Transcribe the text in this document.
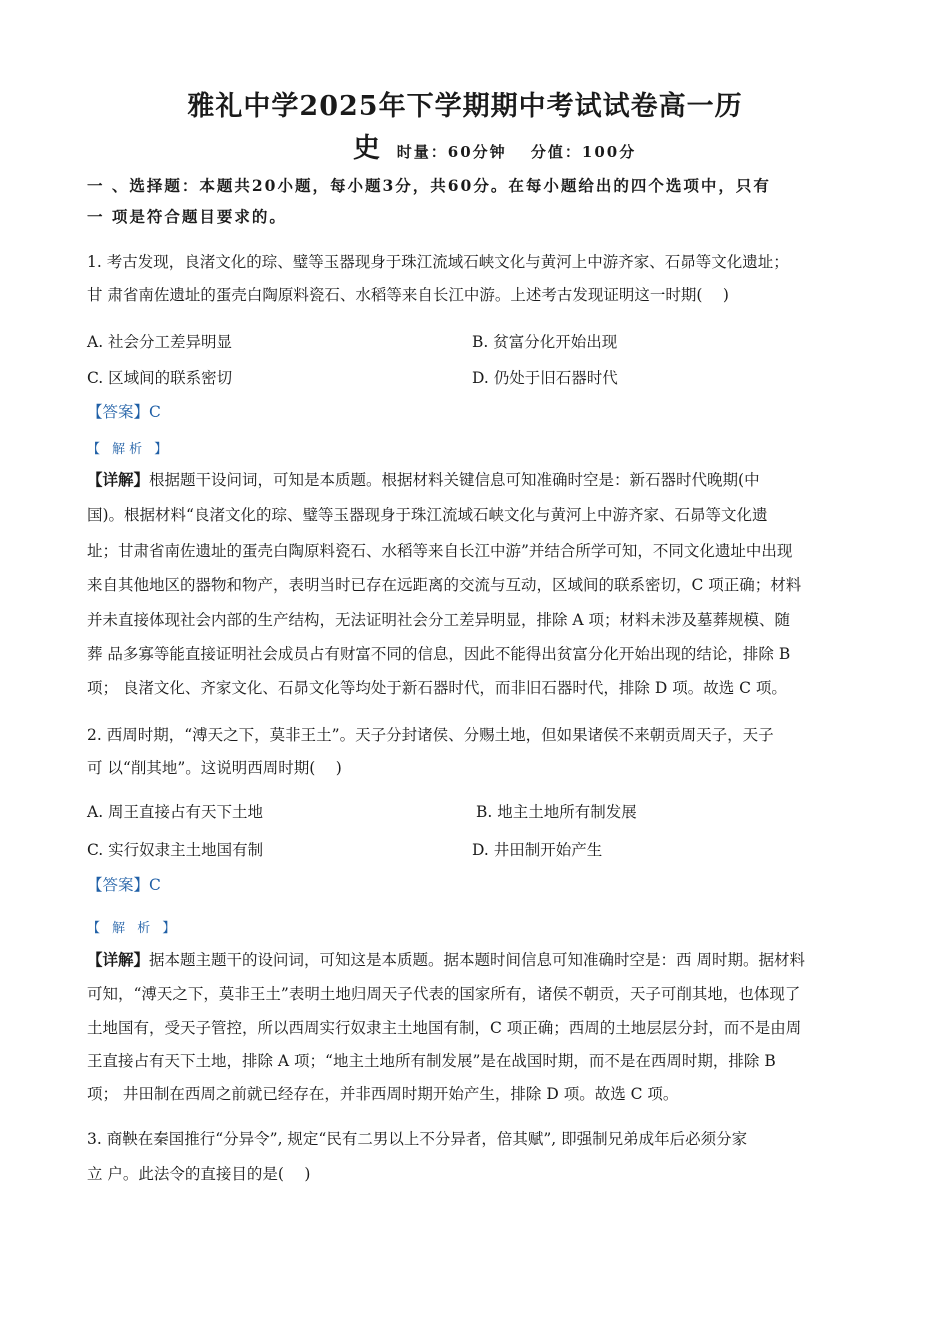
雅礼中学2025年下学期期中考试试卷高一历
史 时量：60分钟　 分值：100分
一 、选择题：本题共20小题，每小题3分，共60分。在每小题给出的四个选项中，只有
一 项是符合题目要求的。
1. 考古发现，良渚文化的琮、璧等玉器现身于珠江流域石峡文化与黄河上中游齐家、石昴等文化遗址；
甘 肃省南佐遗址的蛋壳白陶原料瓷石、水稻等来自长江中游。上述考古发现证明这一时期(　 )
A. 社会分工差异明显	B. 贫富分化开始出现
C. 区域间的联系密切	D. 仍处于旧石器时代
【答案】C
【 解析 】
【详解】根据题干设问词，可知是本质题。根据材料关键信息可知准确时空是：新石器时代晚期(中
国)。根据材料“良渚文化的琮、璧等玉器现身于珠江流域石峡文化与黄河上中游齐家、石昴等文化遗
址；甘肃省南佐遗址的蛋壳白陶原料瓷石、水稻等来自长江中游”并结合所学可知，不同文化遗址中出现
来自其他地区的器物和物产，表明当时已存在远距离的交流与互动，区域间的联系密切，C 项正确；材料
并未直接体现社会内部的生产结构，无法证明社会分工差异明显，排除 A 项；材料未涉及墓葬规模、随
葬 品多寡等能直接证明社会成员占有财富不同的信息，因此不能得出贫富分化开始出现的结论，排除 B
项； 良渚文化、齐家文化、石昴文化等均处于新石器时代，而非旧石器时代，排除 D 项。故选 C 项。
2. 西周时期，“溥天之下，莫非王土”。天子分封诸侯、分赐土地，但如果诸侯不来朝贡周天子，天子
可 以“削其地”。这说明西周时期(　 )
A. 周王直接占有天下土地	B. 地主土地所有制发展
C. 实行奴隶主土地国有制	D. 井田制开始产生
【答案】C
【 解 析 】
【详解】据本题主题干的设问词，可知这是本质题。据本题时间信息可知准确时空是：西 周时期。据材料
可知，“溥天之下，莫非王土”表明土地归周天子代表的国家所有，诸侯不朝贡，天子可削其地，也体现了
土地国有，受天子管控，所以西周实行奴隶主土地国有制，C 项正确；西周的土地层层分封，而不是由周
王直接占有天下土地，排除 A 项；“地主土地所有制发展”是在战国时期，而不是在西周时期，排除 B
项； 井田制在西周之前就已经存在，并非西周时期开始产生，排除 D 项。故选 C 项。
3. 商鞅在秦国推行“分异令”, 规定“民有二男以上不分异者，倍其赋”, 即强制兄弟成年后必须分家
立 户。此法令的直接目的是(　 )
